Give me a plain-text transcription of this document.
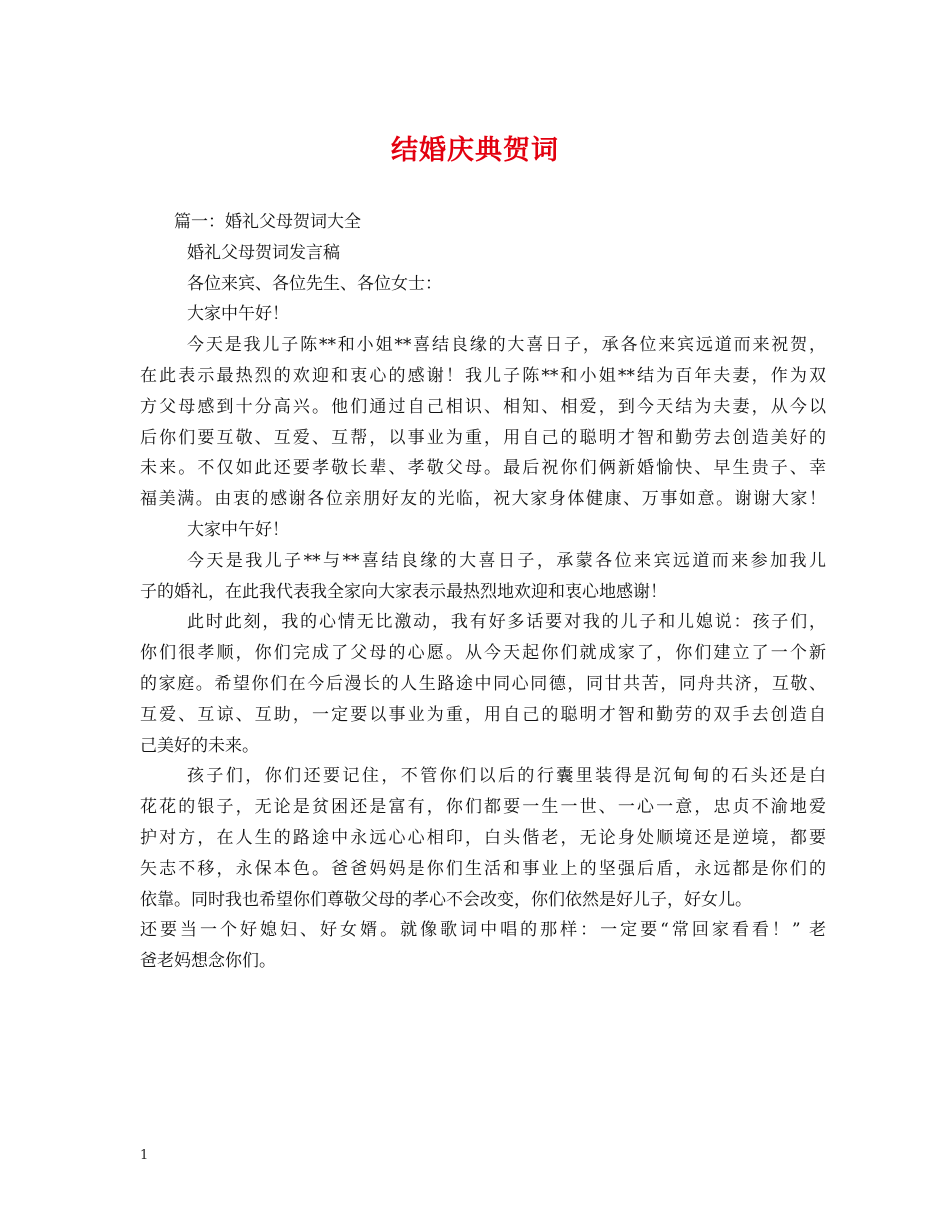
结婚庆典贺词
篇一：婚礼父母贺词大全
婚礼父母贺词发言稿
各位来宾、各位先生、各位女士：
大家中午好！
今天是我儿子陈**和小姐**喜结良缘的大喜日子，承各位来宾远道而来祝贺，
在此表示最热烈的欢迎和衷心的感谢！我儿子陈**和小姐**结为百年夫妻，作为双
方父母感到十分高兴。他们通过自己相识、相知、相爱，到今天结为夫妻，从今以
后你们要互敬、互爱、互帮，以事业为重，用自己的聪明才智和勤劳去创造美好的
未来。不仅如此还要孝敬长辈、孝敬父母。最后祝你们俩新婚愉快、早生贵子、幸
福美满。由衷的感谢各位亲朋好友的光临，祝大家身体健康、万事如意。谢谢大家！
大家中午好！
今天是我儿子**与**喜结良缘的大喜日子，承蒙各位来宾远道而来参加我儿
子的婚礼，在此我代表我全家向大家表示最热烈地欢迎和衷心地感谢！
此时此刻，我的心情无比激动，我有好多话要对我的儿子和儿媳说：孩子们，
你们很孝顺，你们完成了父母的心愿。从今天起你们就成家了，你们建立了一个新
的家庭。希望你们在今后漫长的人生路途中同心同德，同甘共苦，同舟共济，互敬、
互爱、互谅、互助，一定要以事业为重，用自己的聪明才智和勤劳的双手去创造自
己美好的未来。
孩子们，你们还要记住，不管你们以后的行囊里装得是沉甸甸的石头还是白
花花的银子，无论是贫困还是富有，你们都要一生一世、一心一意，忠贞不渝地爱
护对方，在人生的路途中永远心心相印，白头偕老，无论身处顺境还是逆境，都要
矢志不移，永保本色。爸爸妈妈是你们生活和事业上的坚强后盾，永远都是你们的
依靠。同时我也希望你们尊敬父母的孝心不会改变，你们依然是好儿子，好女儿。
还要当一个好媳妇、好女婿。就像歌词中唱的那样：一定要“常回家看看！” 老
爸老妈想念你们。
1
